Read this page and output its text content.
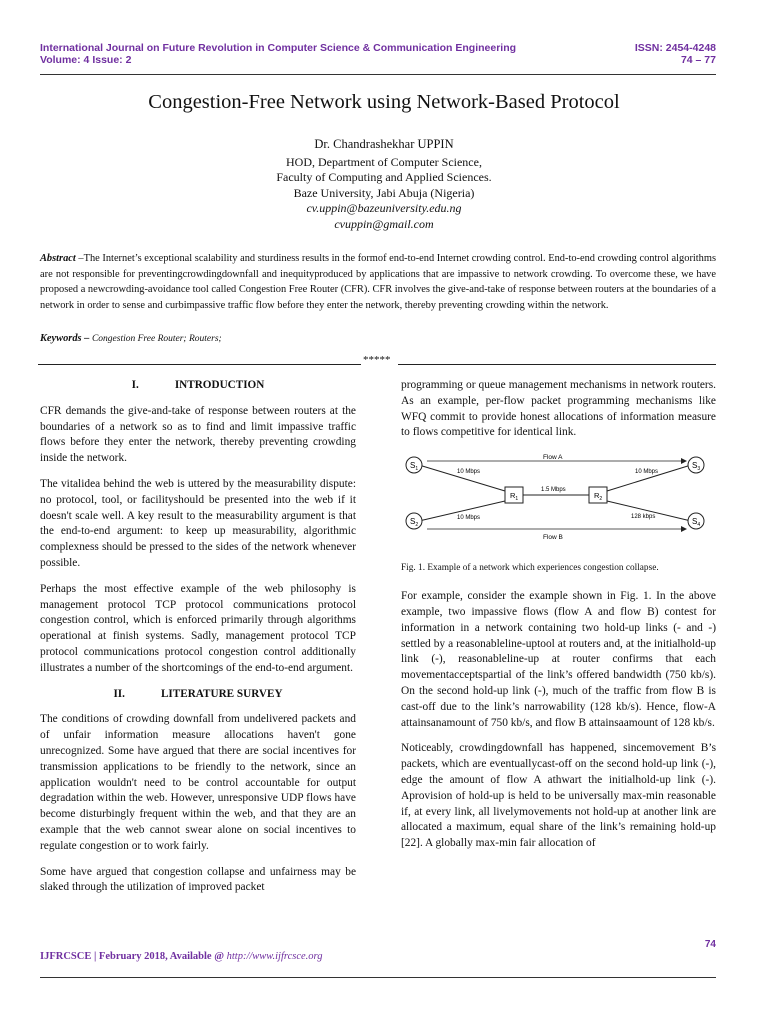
International Journal on Future Revolution in Computer Science & Communication Engineering
Volume: 4 Issue: 2
ISSN: 2454-4248
74 – 77
Congestion-Free Network using Network-Based Protocol
Dr. Chandrashekhar UPPIN
HOD, Department of Computer Science,
Faculty of Computing and Applied Sciences.
Baze University, Jabi Abuja (Nigeria)
cv.uppin@bazeuniversity.edu.ng
cvuppin@gmail.com
Abstract –The Internet’s exceptional scalability and sturdiness results in the formof end-to-end Internet crowding control. End-to-end crowding control algorithms are not responsible for preventingcrowdingdownfall and inequityproduced by applications that are impassive to network crowding. To overcome these, we have proposed a newcrowding-avoidance tool called Congestion Free Router (CFR). CFR involves the give-and-take of response between routers at the boundaries of a network in order to sense and curbimpassive traffic flow before they enter the network, thereby preventing crowding within the network.
Keywords – Congestion Free Router; Routers;
*****
I.	INTRODUCTION

CFR demands the give-and-take of response between routers at the boundaries of a network so as to find and limit impassive traffic flows before they enter the network, thereby preventing crowding inside the network.

The vitalidea behind the web is uttered by the measurability dispute: no protocol, tool, or facilityshould be presented into the web if it doesn't scale well. A key result to the measurability argument is that the end-to-end argument: to keep up measurability, algorithmic complexness should be pressed to the sides of the network whenever possible.

Perhaps the most effective example of the web philosophy is management protocol TCP protocol communications protocol congestion control, which is enforced primarily through algorithms operational at finish systems. Sadly, management protocol TCP protocol communications protocol congestion control additionally illustrates a number of the shortcomings of the end-to-end argument.

II.	LITERATURE SURVEY

The conditions of crowding downfall from undelivered packets and of unfair information measure allocations haven't gone unrecognized. Some have argued that there are social incentives for transmission applications to be friendly to the network, since an application wouldn't need to be control accountable for output degradation within the web. However, unresponsive UDP flows have become disturbingly frequent within the web, and that they are an example that the web cannot swear alone on social incentives to regulate congestion or to work fairly.

Some have argued that congestion collapse and unfairness may be slaked through the utilization of improved packet

programming or queue management mechanisms in network routers. As an example, per-flow packet programming mechanisms like WFQ commit to provide honest allocations of information measure to flows competitive for identical link.

$S_1$
$S_2$
$S_3$
$S_4$
$R_1$	$R_2$
Flow A
Flow B
10 Mbps	10 Mbps
10 Mbps	128 kbps
1.5 Mbps
Fig. 1. Example of a network which experiences congestion collapse.

For example, consider the example shown in Fig. 1. In the above example, two impassive flows (flow A and flow B) contest for information in a network containing two hold-up links (- and -) settled by a reasonableline-uptool at routers and, at the initialhold-up link (-), reasonableline-up at router confirms that each movementacceptspartial of the link’s offered bandwidth (750 kb/s). On the second hold-up link (-), much of the traffic from flow B is cast-off due to the link’s narrowability (128 kb/s). Hence, flow-A attainsanamount of 750 kb/s, and flow B attainsaamount of 128 kb/s.

Noticeably, crowdingdownfall has happened, sincemovement B’s packets, which are eventuallycast-off on the second hold-up link (-), edge the amount of flow A athwart the initialhold-up link (-). Aprovision of hold-up is held to be universally max-min reasonable if, at every link, all livelymovements not hold-up at another link are allocated a maximum, equal share of the link’s remaining hold-up [22]. A globally max-min fair allocation of

74
IJFRCSCE | February 2018, Available @ http://www.ijfrcsce.org
